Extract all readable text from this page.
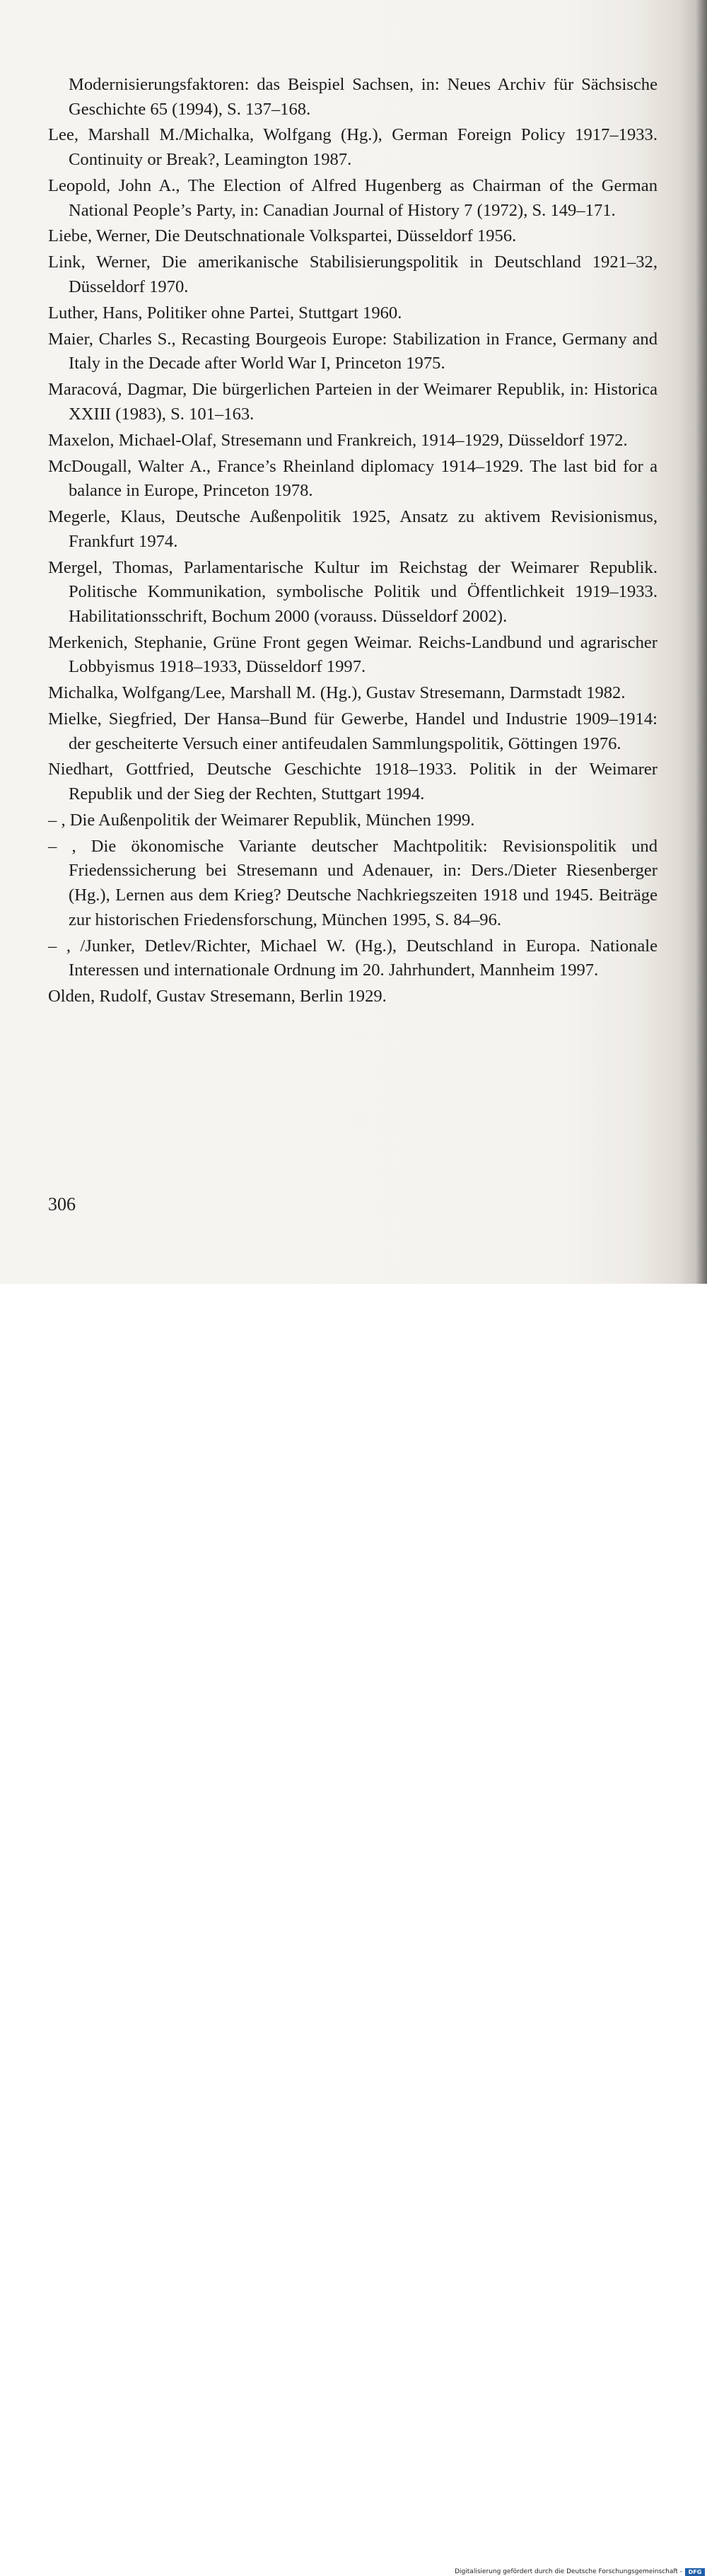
Modernisierungsfaktoren: das Beispiel Sachsen, in: Neues Archiv für Sächsische Geschichte 65 (1994), S. 137–168.

Lee, Marshall M./Michalka, Wolfgang (Hg.), German Foreign Policy 1917–1933. Continuity or Break?, Leamington 1987.

Leopold, John A., The Election of Alfred Hugenberg as Chairman of the German National People’s Party, in: Canadian Journal of History 7 (1972), S. 149–171.

Liebe, Werner, Die Deutschnationale Volkspartei, Düsseldorf 1956.

Link, Werner, Die amerikanische Stabilisierungspolitik in Deutschland 1921–32, Düsseldorf 1970.

Luther, Hans, Politiker ohne Partei, Stuttgart 1960.

Maier, Charles S., Recasting Bourgeois Europe: Stabilization in France, Germany and Italy in the Decade after World War I, Princeton 1975.

Maracová, Dagmar, Die bürgerlichen Parteien in der Weimarer Republik, in: Historica XXIII (1983), S. 101–163.

Maxelon, Michael-Olaf, Stresemann und Frankreich, 1914–1929, Düsseldorf 1972.

McDougall, Walter A., France’s Rheinland diplomacy 1914–1929. The last bid for a balance in Europe, Princeton 1978.

Megerle, Klaus, Deutsche Außenpolitik 1925, Ansatz zu aktivem Revisionismus, Frankfurt 1974.

Mergel, Thomas, Parlamentarische Kultur im Reichstag der Weimarer Republik. Politische Kommunikation, symbolische Politik und Öffentlichkeit 1919–1933. Habilitationsschrift, Bochum 2000 (vorauss. Düsseldorf 2002).

Merkenich, Stephanie, Grüne Front gegen Weimar. Reichs-Landbund und agrarischer Lobbyismus 1918–1933, Düsseldorf 1997.

Michalka, Wolfgang/Lee, Marshall M. (Hg.), Gustav Stresemann, Darmstadt 1982.

Mielke, Siegfried, Der Hansa–Bund für Gewerbe, Handel und Industrie 1909–1914: der gescheiterte Versuch einer antifeudalen Sammlungspolitik, Göttingen 1976.

Niedhart, Gottfried, Deutsche Geschichte 1918–1933. Politik in der Weimarer Republik und der Sieg der Rechten, Stuttgart 1994.

– , Die Außenpolitik der Weimarer Republik, München 1999.

– , Die ökonomische Variante deutscher Machtpolitik: Revisionspolitik und Friedenssicherung bei Stresemann und Adenauer, in: Ders./Dieter Riesenberger (Hg.), Lernen aus dem Krieg? Deutsche Nachkriegszeiten 1918 und 1945. Beiträge zur historischen Friedensforschung, München 1995, S. 84–96.

– , /Junker, Detlev/Richter, Michael W. (Hg.), Deutschland in Europa. Nationale Interessen und internationale Ordnung im 20. Jahrhundert, Mannheim 1997.

Olden, Rudolf, Gustav Stresemann, Berlin 1929.

306
Digitalisierung gefördert durch die Deutsche Forschungsgemeinschaft -	DFG
